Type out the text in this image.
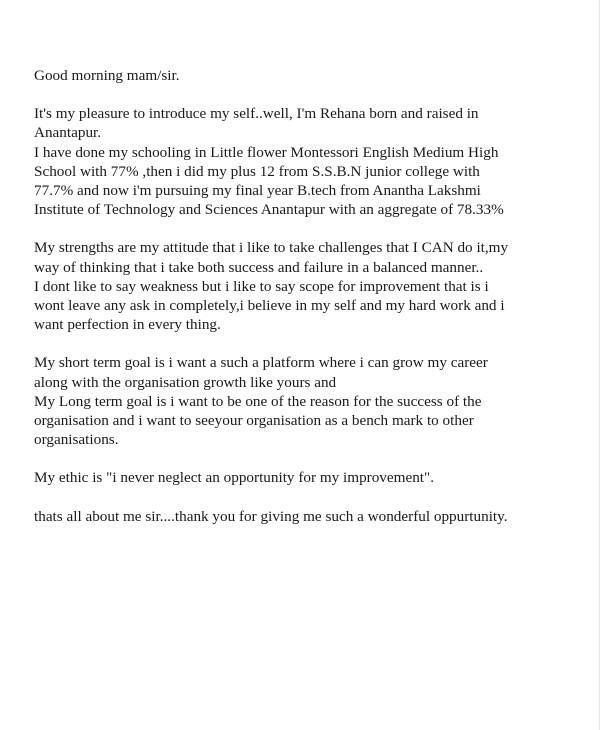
Good morning mam/sir.
It's my pleasure to introduce my self..well, I'm Rehana born and raised in
Anantapur.
I have done my schooling in Little flower Montessori English Medium High
School with 77% ,then i did my plus 12 from S.S.B.N junior college with
77.7% and now i'm pursuing my final year B.tech from Anantha Lakshmi
Institute of Technology and Sciences Anantapur with an aggregate of 78.33%
My strengths are my attitude that i like to take challenges that I CAN do it,my
way of thinking that i take both success and failure in a balanced manner..
I dont like to say weakness but i like to say scope for improvement that is i
wont leave any ask in completely,i believe in my self and my hard work and i
want perfection in every thing.
My short term goal is i want a such a platform where i can grow my career
along with the organisation growth like yours and
My Long term goal is i want to be one of the reason for the success of the
organisation and i want to seeyour organisation as a bench mark to other
organisations.
My ethic is "i never neglect an opportunity for my improvement".
thats all about me sir....thank you for giving me such a wonderful oppurtunity.
